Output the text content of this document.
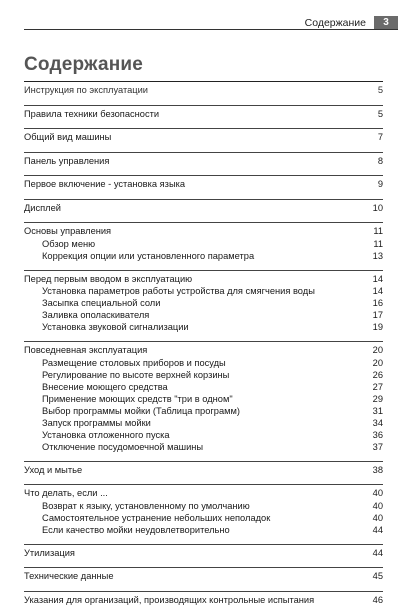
Содержание	3
Содержание
Инструкция по эксплуатации	5
Правила техники безопасности	5
Общий вид машины	7
Панель управления	8
Первое включение - установка языка	9
Дисплей	10
Основы управления	11
Обзор меню	11
Коррекция опции или установленного параметра	13
Перед первым вводом в эксплуатацию	14
Установка параметров работы устройства для смягчения воды	14
Засыпка специальной соли	16
Заливка ополаскивателя	17
Установка звуковой сигнализации	19
Повседневная эксплуатация	20
Размещение столовых приборов и посуды	20
Регулирование по высоте верхней корзины	26
Внесение моющего средства	27
Применение моющих средств "три в одном"	29
Выбор программы мойки (Таблица программ)	31
Запуск программы мойки	34
Установка отложенного пуска	36
Отключение посудомоечной машины	37
Уход и мытье	38
Что делать, если ...	40
Возврат к языку, установленному по умолчанию	40
Самостоятельное устранение небольших неполадок	40
Если качество мойки неудовлетворительно	44
Утилизация	44
Технические данные	45
Указания для организаций, производящих контрольные испытания	46
